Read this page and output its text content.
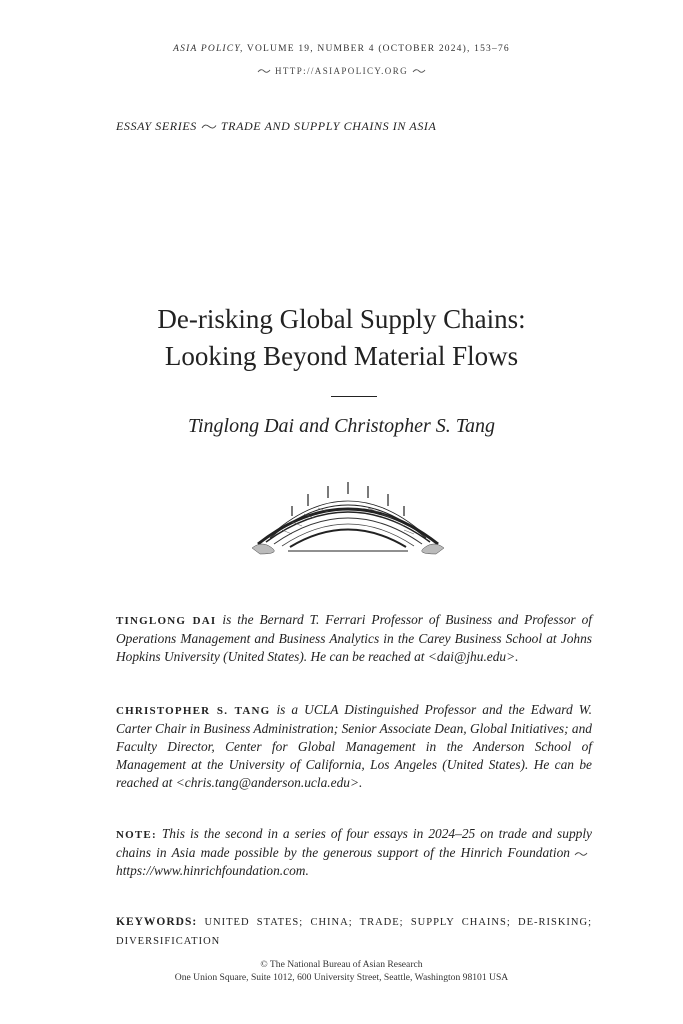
ASIA POLICY, VOLUME 19, NUMBER 4 (OCTOBER 2024), 153–76
HTTP://ASIAPOLICY.ORG
ESSAY SERIES TRADE AND SUPPLY CHAINS IN ASIA
De-risking Global Supply Chains:
Looking Beyond Material Flows
Tinglong Dai and Christopher S. Tang
TINGLONG DAI is the Bernard T. Ferrari Professor of Business and Professor of Operations Management and Business Analytics in the Carey Business School at Johns Hopkins University (United States). He can be reached at <dai@jhu.edu>.
CHRISTOPHER S. TANG is a UCLA Distinguished Professor and the Edward W. Carter Chair in Business Administration; Senior Associate Dean, Global Initiatives; and Faculty Director, Center for Global Management in the Anderson School of Management at the University of California, Los Angeles (United States). He can be reached at <chris.tang@anderson.ucla.edu>.
NOTE: This is the second in a series of four essays in 2024–25 on trade and supply chains in Asia made possible by the generous support of the Hinrich Foundation https://www.hinrichfoundation.com.
KEYWORDS: UNITED STATES; CHINA; TRADE; SUPPLY CHAINS; DE-RISKING; DIVERSIFICATION
© The National Bureau of Asian Research
One Union Square, Suite 1012, 600 University Street, Seattle, Washington 98101 USA
